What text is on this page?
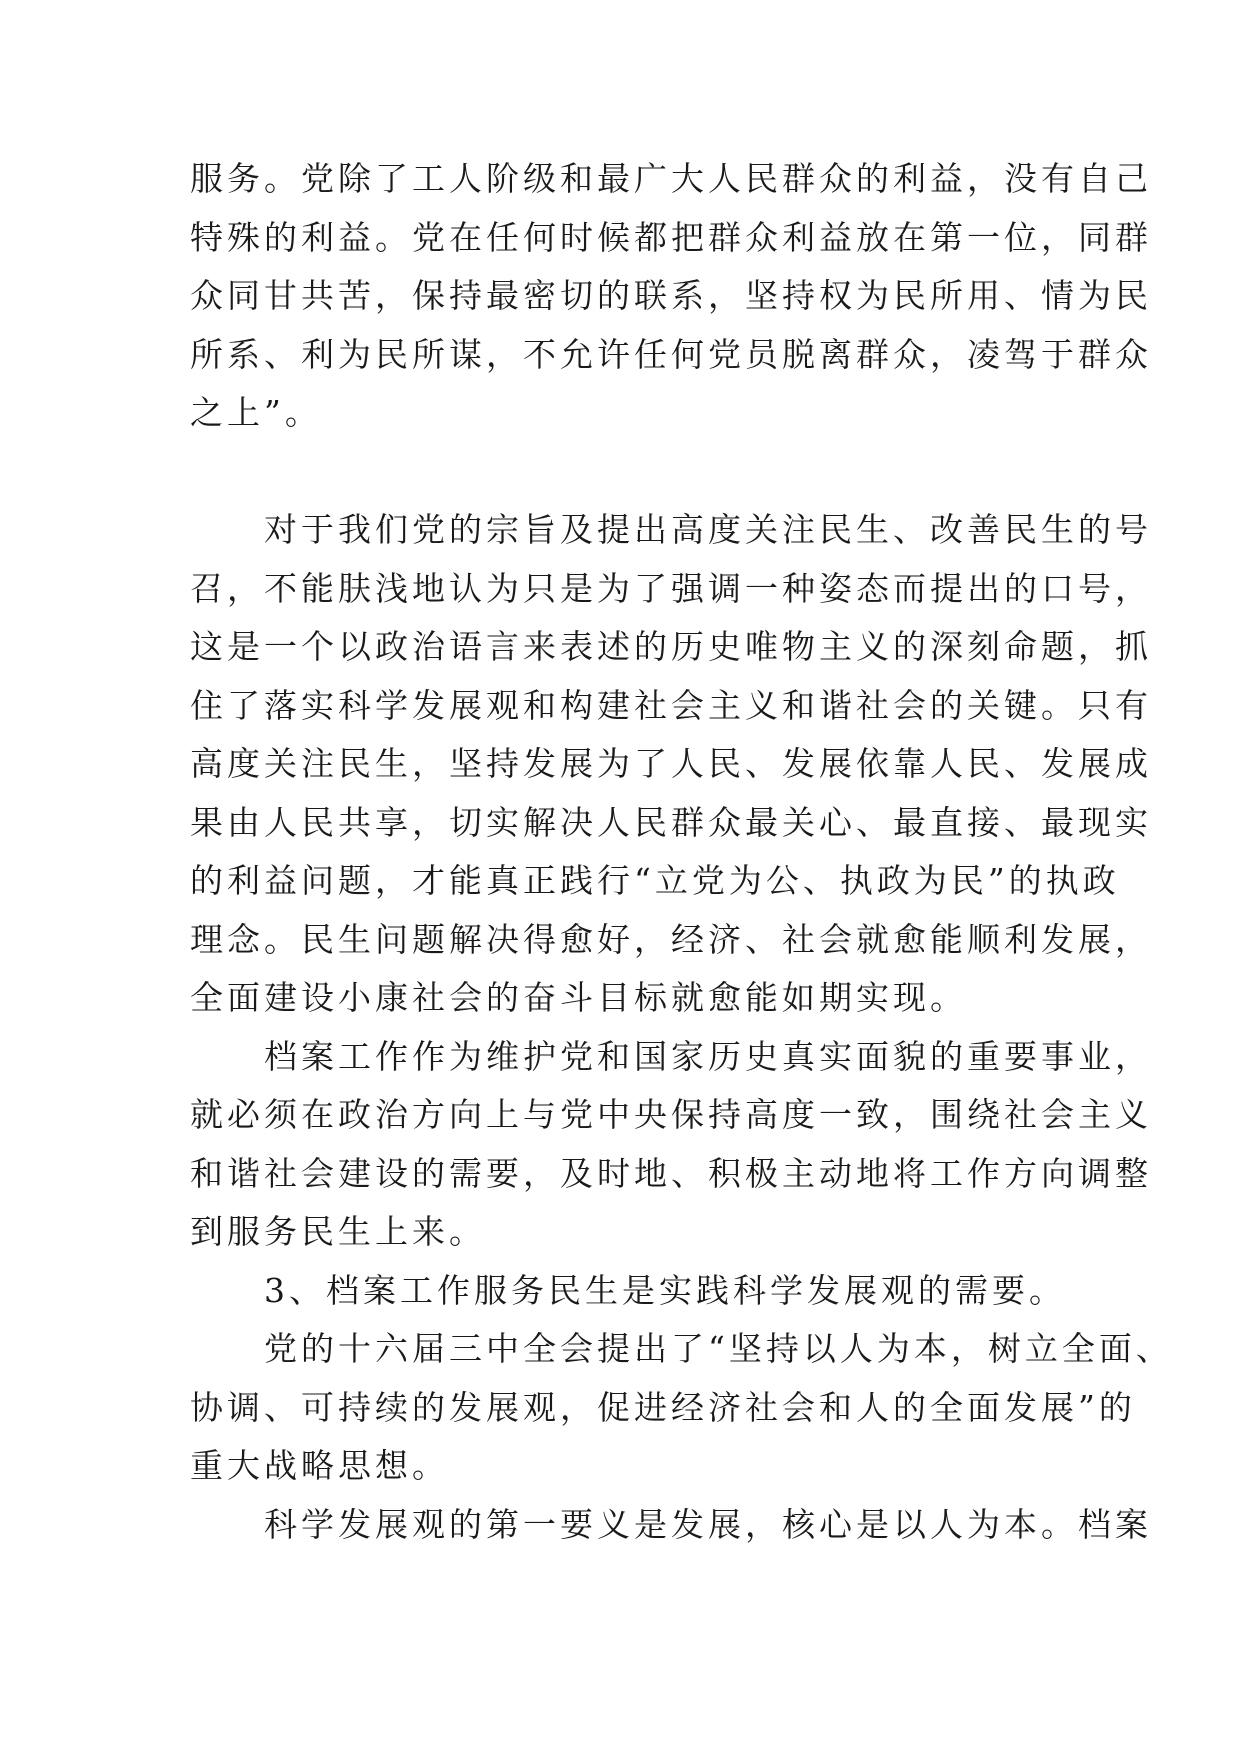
服务。党除了工人阶级和最广大人民群众的利益，没有自己
特殊的利益。党在任何时候都把群众利益放在第一位，同群
众同甘共苦，保持最密切的联系，坚持权为民所用、情为民
所系、利为民所谋，不允许任何党员脱离群众，凌驾于群众
之上”。
　　对于我们党的宗旨及提出高度关注民生、改善民生的号
召，不能肤浅地认为只是为了强调一种姿态而提出的口号，
这是一个以政治语言来表述的历史唯物主义的深刻命题，抓
住了落实科学发展观和构建社会主义和谐社会的关键。只有
高度关注民生，坚持发展为了人民、发展依靠人民、发展成
果由人民共享，切实解决人民群众最关心、最直接、最现实
的利益问题，才能真正践行“立党为公、执政为民”的执政
理念。民生问题解决得愈好，经济、社会就愈能顺利发展，
全面建设小康社会的奋斗目标就愈能如期实现。
　　档案工作作为维护党和国家历史真实面貌的重要事业，
就必须在政治方向上与党中央保持高度一致，围绕社会主义
和谐社会建设的需要，及时地、积极主动地将工作方向调整
到服务民生上来。
　　3、档案工作服务民生是实践科学发展观的需要。
　　党的十六届三中全会提出了“坚持以人为本，树立全面、
协调、可持续的发展观，促进经济社会和人的全面发展”的
重大战略思想。
　　科学发展观的第一要义是发展，核心是以人为本。档案
